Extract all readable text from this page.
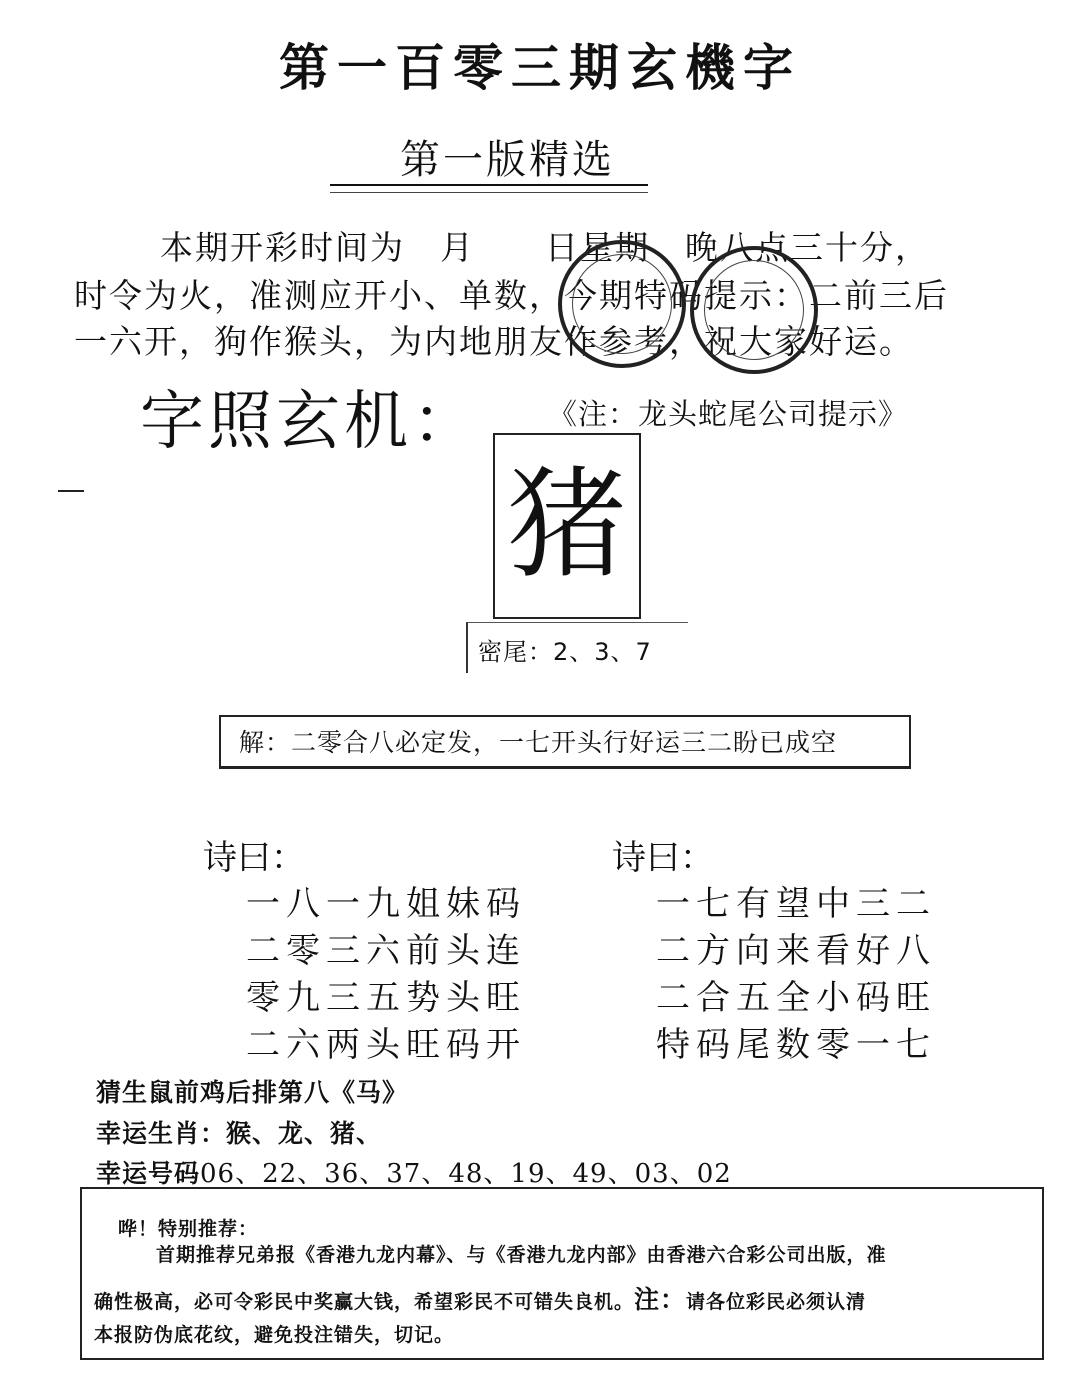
第一百零三期玄機字
第一版精选
本期开彩时间为　月　　日星期　晚八点三十分，
时令为火，准测应开小、单数，今期特码提示：二前三后
一六开，狗作猴头，为内地朋友作参考，祝大家好运。
字照玄机： 《注：龙头蛇尾公司提示》
猪
密尾：2、3、7
解：二零合八必定发，一七开头行好运三二盼已成空
诗曰：
一八一九姐妹码
二零三六前头连
零九三五势头旺
二六两头旺码开
诗曰：
一七有望中三二
二方向来看好八
二合五全小码旺
特码尾数零一七
猜生鼠前鸡后排第八《马》
幸运生肖：猴、龙、猪、
幸运号码06、22、36、37、48、19、49、03、02
哗！特别推荐：
首期推荐兄弟报《香港九龙内幕》、与《香港九龙内部》由香港六合彩公司出版，准
确性极高，必可令彩民中奖赢大钱，希望彩民不可错失良机。注：请各位彩民必须认清
本报防伪底花纹，避免投注错失，切记。
